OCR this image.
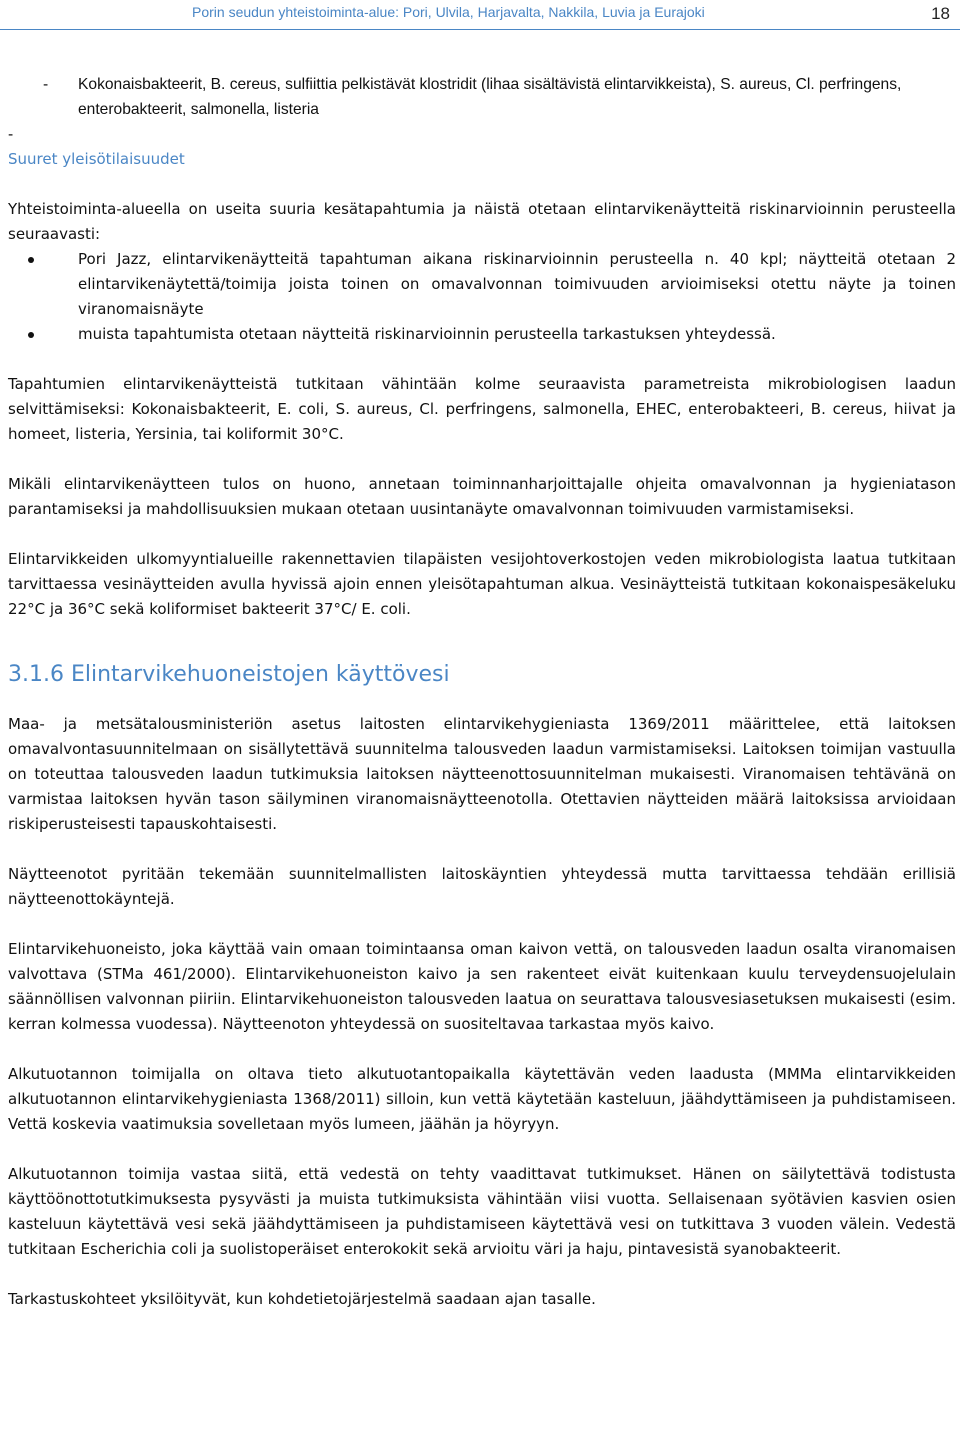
Porin seudun yhteistoiminta-alue: Pori, Ulvila, Harjavalta, Nakkila, Luvia ja Eurajoki	18
- Kokonaisbakteerit, B. cereus, sulfiittia pelkistävät klostridit (lihaa sisältävistä elintarvikkeista), S. aureus, Cl. perfringens, enterobakteerit, salmonella, listeria
-
Suuret yleisötilaisuudet

Yhteistoiminta-alueella on useita suuria kesätapahtumia ja näistä otetaan elintarvikenäytteitä riskinarvioinnin perusteella seuraavasti:

Pori Jazz, elintarvikenäytteitä tapahtuman aikana riskinarvioinnin perusteella n. 40 kpl; näytteitä otetaan 2 elintarvikenäytettä/toimija joista toinen on omavalvonnan toimivuuden arvioimiseksi otettu näyte ja toinen viranomaisnäyte
muista tapahtumista otetaan näytteitä riskinarvioinnin perusteella tarkastuksen yhteydessä.

Tapahtumien elintarvikenäytteistä tutkitaan vähintään kolme seuraavista parametreista mikrobiologisen laadun selvittämiseksi: Kokonaisbakteerit, E. coli, S. aureus, Cl. perfringens, salmonella, EHEC, enterobakteeri, B. cereus, hiivat ja homeet, listeria, Yersinia, tai koliformit 30°C.

Mikäli elintarvikenäytteen tulos on huono, annetaan toiminnanharjoittajalle ohjeita omavalvonnan ja hygieniatason parantamiseksi ja mahdollisuuksien mukaan otetaan uusintanäyte omavalvonnan toimivuuden varmistamiseksi.

Elintarvikkeiden ulkomyyntialueille rakennettavien tilapäisten vesijohtoverkostojen veden mikrobiologista laatua tutkitaan tarvittaessa vesinäytteiden avulla hyvissä ajoin ennen yleisötapahtuman alkua. Vesinäytteistä tutkitaan kokonaispesäkeluku 22°C ja 36°C sekä koliformiset bakteerit 37°C/ E. coli.

3.1.6 Elintarvikehuoneistojen käyttövesi

Maa- ja metsätalousministeriön asetus laitosten elintarvikehygieniasta 1369/2011 määrittelee, että laitoksen omavalvontasuunnitelmaan on sisällytettävä suunnitelma talousveden laadun varmistamiseksi. Laitoksen toimijan vastuulla on toteuttaa talousveden laadun tutkimuksia laitoksen näytteenottosuunnitelman mukaisesti. Viranomaisen tehtävänä on varmistaa laitoksen hyvän tason säilyminen viranomaisnäytteenotolla. Otettavien näytteiden määrä laitoksissa arvioidaan riskiperusteisesti tapauskohtaisesti.

Näytteenotot pyritään tekemään suunnitelmallisten laitoskäyntien yhteydessä mutta tarvittaessa tehdään erillisiä näytteenottokäyntejä.

Elintarvikehuoneisto, joka käyttää vain omaan toimintaansa oman kaivon vettä, on talousveden laadun osalta viranomaisen valvottava (STMa 461/2000). Elintarvikehuoneiston kaivo ja sen rakenteet eivät kuitenkaan kuulu terveydensuojelulain säännöllisen valvonnan piiriin. Elintarvikehuoneiston talousveden laatua on seurattava talousvesiasetuksen mukaisesti (esim. kerran kolmessa vuodessa). Näytteenoton yhteydessä on suositeltavaa tarkastaa myös kaivo.

Alkutuotannon toimijalla on oltava tieto alkutuotantopaikalla käytettävän veden laadusta (MMMa elintarvikkeiden alkutuotannon elintarvikehygieniasta 1368/2011) silloin, kun vettä käytetään kasteluun, jäähdyttämiseen ja puhdistamiseen. Vettä koskevia vaatimuksia sovelletaan myös lumeen, jäähän ja höyryyn.

Alkutuotannon toimija vastaa siitä, että vedestä on tehty vaadittavat tutkimukset. Hänen on säilytettävä todistusta käyttöönottotutkimuksesta pysyvästi ja muista tutkimuksista vähintään viisi vuotta. Sellaisenaan syötävien kasvien osien kasteluun käytettävä vesi sekä jäähdyttämiseen ja puhdistamiseen käytettävä vesi on tutkittava 3 vuoden välein. Vedestä tutkitaan Escherichia coli ja suolistoperäiset enterokokit sekä arvioitu väri ja haju, pintavesistä syanobakteerit.

Tarkastuskohteet yksilöityvät, kun kohdetietojärjestelmä saadaan ajan tasalle.
